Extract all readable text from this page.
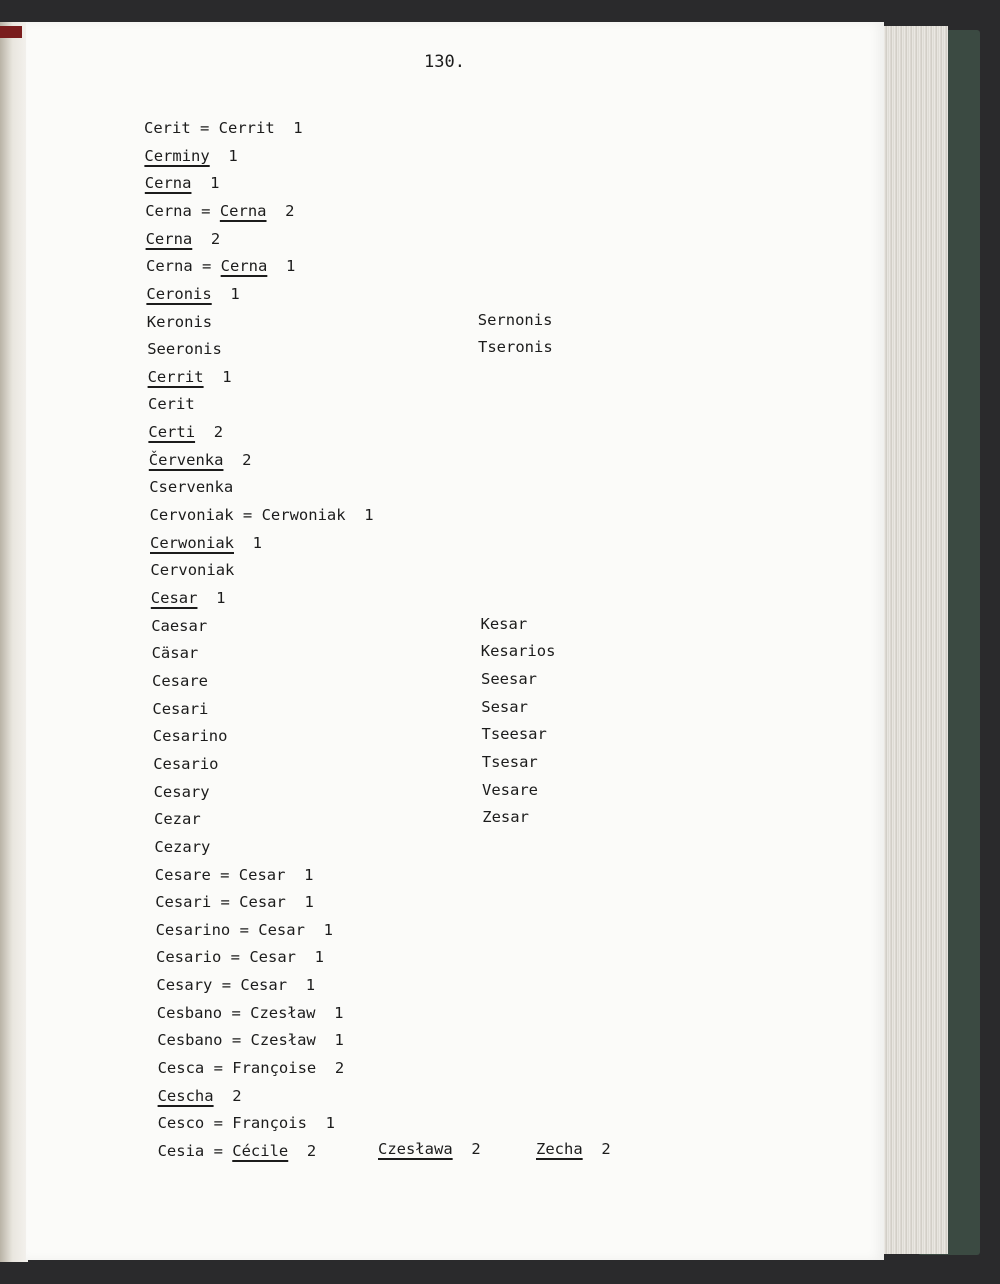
130.
Cerit = Cerrit  1
Cerminy  1
Cerna  1
Cerna = Cerna  2
Cerna  2
Cerna = Cerna  1
Ceronis  1
Keronis	Sernonis
Seeronis	Tseronis
Cerrit  1
Cerit
Certi  2
Červenka  2
Cservenka
Cervoniak = Cerwoniak  1
Cerwoniak  1
Cervoniak
Cesar  1
Caesar	Kesar
Cäsar	Kesarios
Cesare	Seesar
Cesari	Sesar
Cesarino	Tseesar
Cesario	Tsesar
Cesary	Vesare
Cezar	Zesar
Cezary
Cesare = Cesar  1
Cesari = Cesar  1
Cesarino = Cesar  1
Cesario = Cesar  1
Cesary = Cesar  1
Cesbano = Czesław  1
Cesbano = Czesław  1
Cesca = Françoise  2
Cescha  2
Cesco = François  1
Cesia = Cécile  2	Czesława  2	Zecha  2
